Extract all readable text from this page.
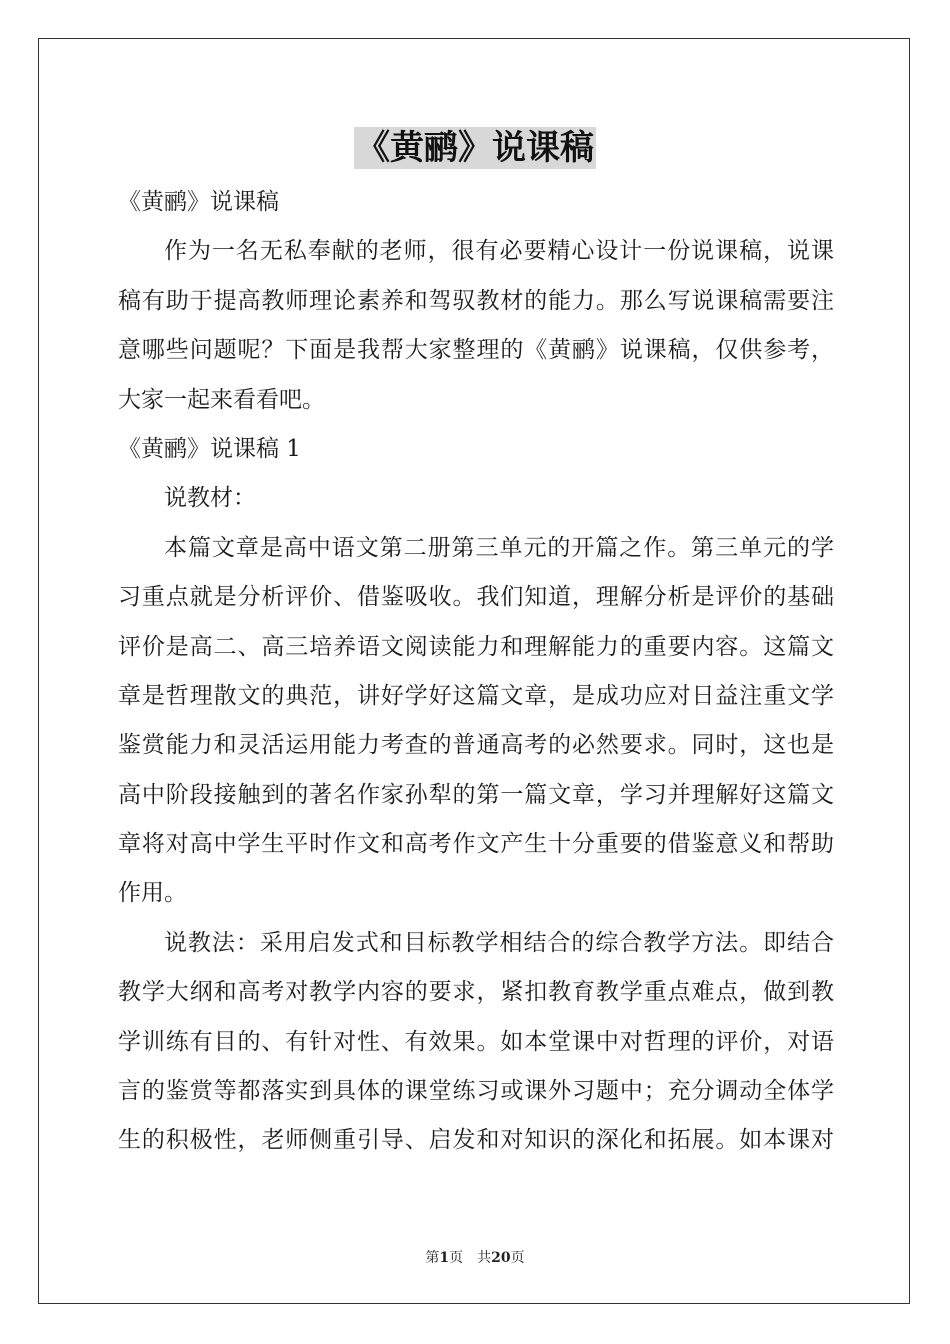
《黄鹂》说课稿
《黄鹂》说课稿
作为一名无私奉献的老师，很有必要精心设计一份说课稿，说课
稿有助于提高教师理论素养和驾驭教材的能力。那么写说课稿需要注
意哪些问题呢？下面是我帮大家整理的《黄鹂》说课稿，仅供参考，
大家一起来看看吧。
《黄鹂》说课稿 1
说教材：
本篇文章是高中语文第二册第三单元的开篇之作。第三单元的学
习重点就是分析评价、借鉴吸收。我们知道，理解分析是评价的基础
评价是高二、高三培养语文阅读能力和理解能力的重要内容。这篇文
章是哲理散文的典范，讲好学好这篇文章，是成功应对日益注重文学
鉴赏能力和灵活运用能力考查的普通高考的必然要求。同时，这也是
高中阶段接触到的著名作家孙犁的第一篇文章，学习并理解好这篇文
章将对高中学生平时作文和高考作文产生十分重要的借鉴意义和帮助
作用。
说教法：采用启发式和目标教学相结合的综合教学方法。即结合
教学大纲和高考对教学内容的要求，紧扣教育教学重点难点，做到教
学训练有目的、有针对性、有效果。如本堂课中对哲理的评价，对语
言的鉴赏等都落实到具体的课堂练习或课外习题中；充分调动全体学
生的积极性，老师侧重引导、启发和对知识的深化和拓展。如本课对
第1页 共20页
